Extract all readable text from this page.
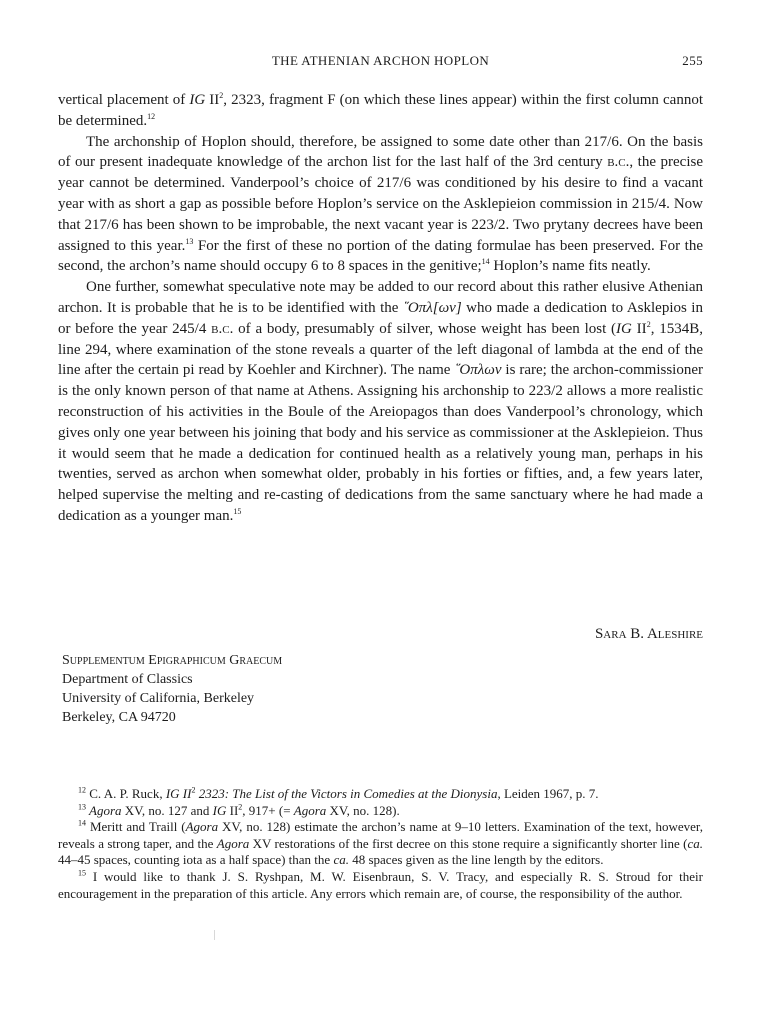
THE ATHENIAN ARCHON HOPLON	255

vertical placement of IG $II^2$, 2323, fragment F (on which these lines appear) within the first column cannot be determined.$^{12}$

The archonship of Hoplon should, therefore, be assigned to some date other than 217/6. On the basis of our present inadequate knowledge of the archon list for the last half of the 3rd century b.c., the precise year cannot be determined. Vanderpool’s choice of 217/6 was conditioned by his desire to find a vacant year with as short a gap as possible before Hoplon’s service on the Asklepieion commission in 215/4. Now that 217/6 has been shown to be improbable, the next vacant year is 223/2. Two prytany decrees have been assigned to this year.$^{13}$ For the first of these no portion of the dating formulae has been preserved. For the second, the archon’s name should occupy 6 to 8 spaces in the genitive;$^{14}$ Hoplon’s name fits neatly.

One further, somewhat speculative note may be added to our record about this rather elusive Athenian archon. It is probable that he is to be identified with the ῞Oπλ[ωv] who made a dedication to Asklepios in or before the year 245/4 b.c. of a body, presumably of silver, whose weight has been lost (IG $II^2$, 1534B, line 294, where examination of the stone reveals a quarter of the left diagonal of lambda at the end of the line after the certain pi read by Koehler and Kirchner). The name ῞Oπλωv is rare; the archon-commissioner is the only known person of that name at Athens. Assigning his archonship to 223/2 allows a more realistic reconstruction of his activities in the Boule of the Areiopagos than does Vanderpool’s chronology, which gives only one year between his joining that body and his service as commissioner at the Asklepieion. Thus it would seem that he made a dedication for continued health as a relatively young man, perhaps in his twenties, served as archon when somewhat older, probably in his forties or fifties, and, a few years later, helped supervise the melting and re-casting of dedications from the same sanctuary where he had made a dedication as a younger man.$^{15}$

Sara B. Aleshire
Supplementum Epigraphicum Graecum
Department of Classics
University of California, Berkeley
Berkeley, CA 94720

$^{12}$ C. A. P. Ruck, IG $II^2$ 2323: The List of the Victors in Comedies at the Dionysia, Leiden 1967, p. 7.

$^{13}$ Agora XV, no. 127 and IG $II^2$, 917+ (= Agora XV, no. 128).

$^{14}$ Meritt and Traill (Agora XV, no. 128) estimate the archon’s name at 9–10 letters. Examination of the text, however, reveals a strong taper, and the Agora XV restorations of the first decree on this stone require a significantly shorter line (ca. 44–45 spaces, counting iota as a half space) than the ca. 48 spaces given as the line length by the editors.

$^{15}$ I would like to thank J. S. Ryshpan, M. W. Eisenbraun, S. V. Tracy, and especially R. S. Stroud for their encouragement in the preparation of this article. Any errors which remain are, of course, the responsibility of the author.
